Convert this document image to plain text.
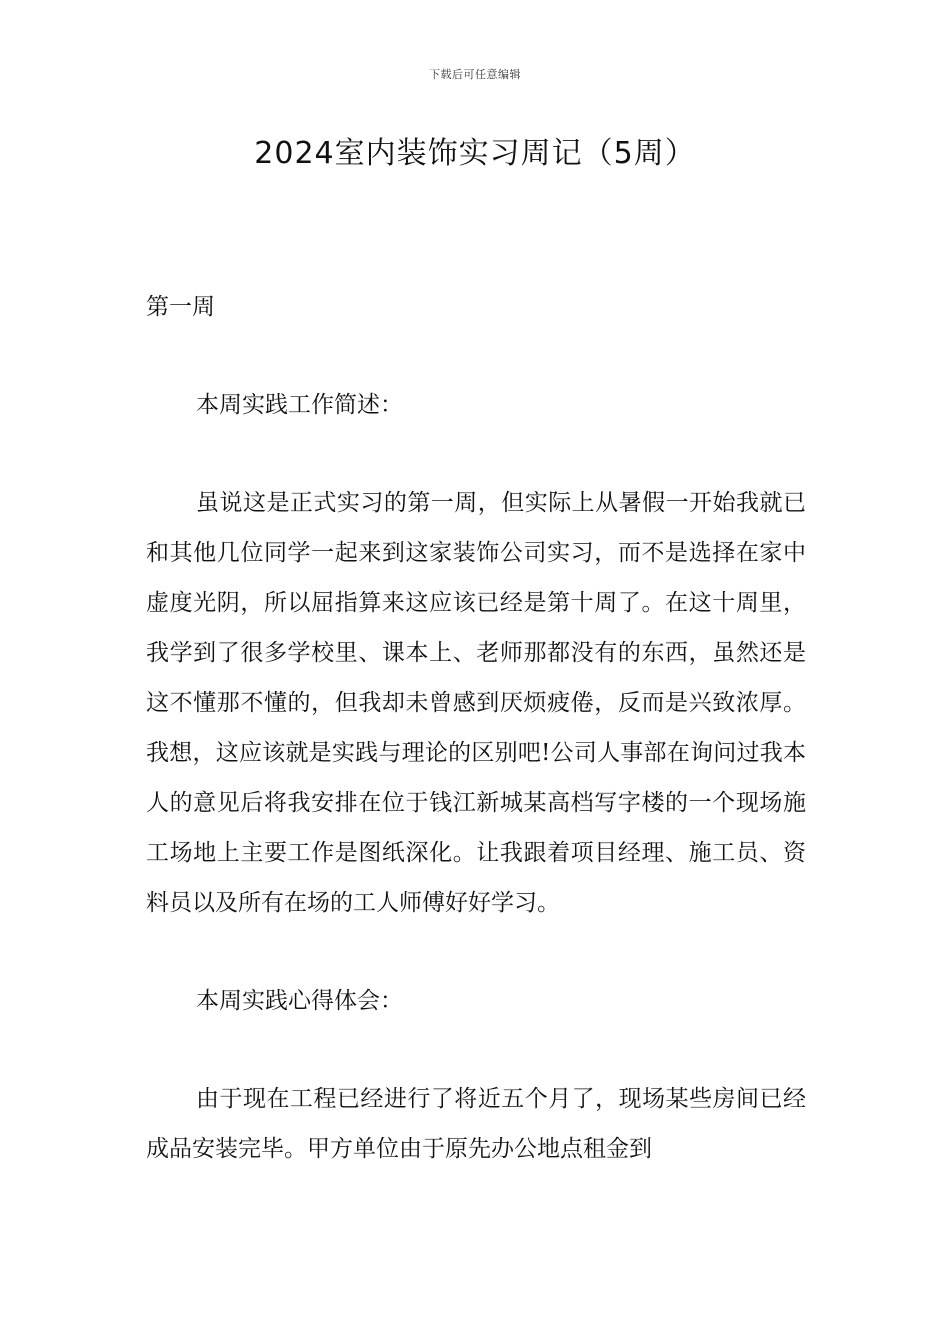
下载后可任意编辑
2024室内装饰实习周记（5周）

第一周

本周实践工作简述：

虽说这是正式实习的第一周，但实际上从暑假一开始我就已和其他几位同学一起来到这家装饰公司实习，而不是选择在家中虚度光阴，所以屈指算来这应该已经是第十周了。在这十周里，我学到了很多学校里、课本上、老师那都没有的东西，虽然还是这不懂那不懂的，但我却未曾感到厌烦疲倦，反而是兴致浓厚。我想，这应该就是实践与理论的区别吧!公司人事部在询问过我本人的意见后将我安排在位于钱江新城某高档写字楼的一个现场施工场地上主要工作是图纸深化。让我跟着项目经理、施工员、资料员以及所有在场的工人师傅好好学习。

本周实践心得体会：

由于现在工程已经进行了将近五个月了，现场某些房间已经成品安装完毕。甲方单位由于原先办公地点租金到
